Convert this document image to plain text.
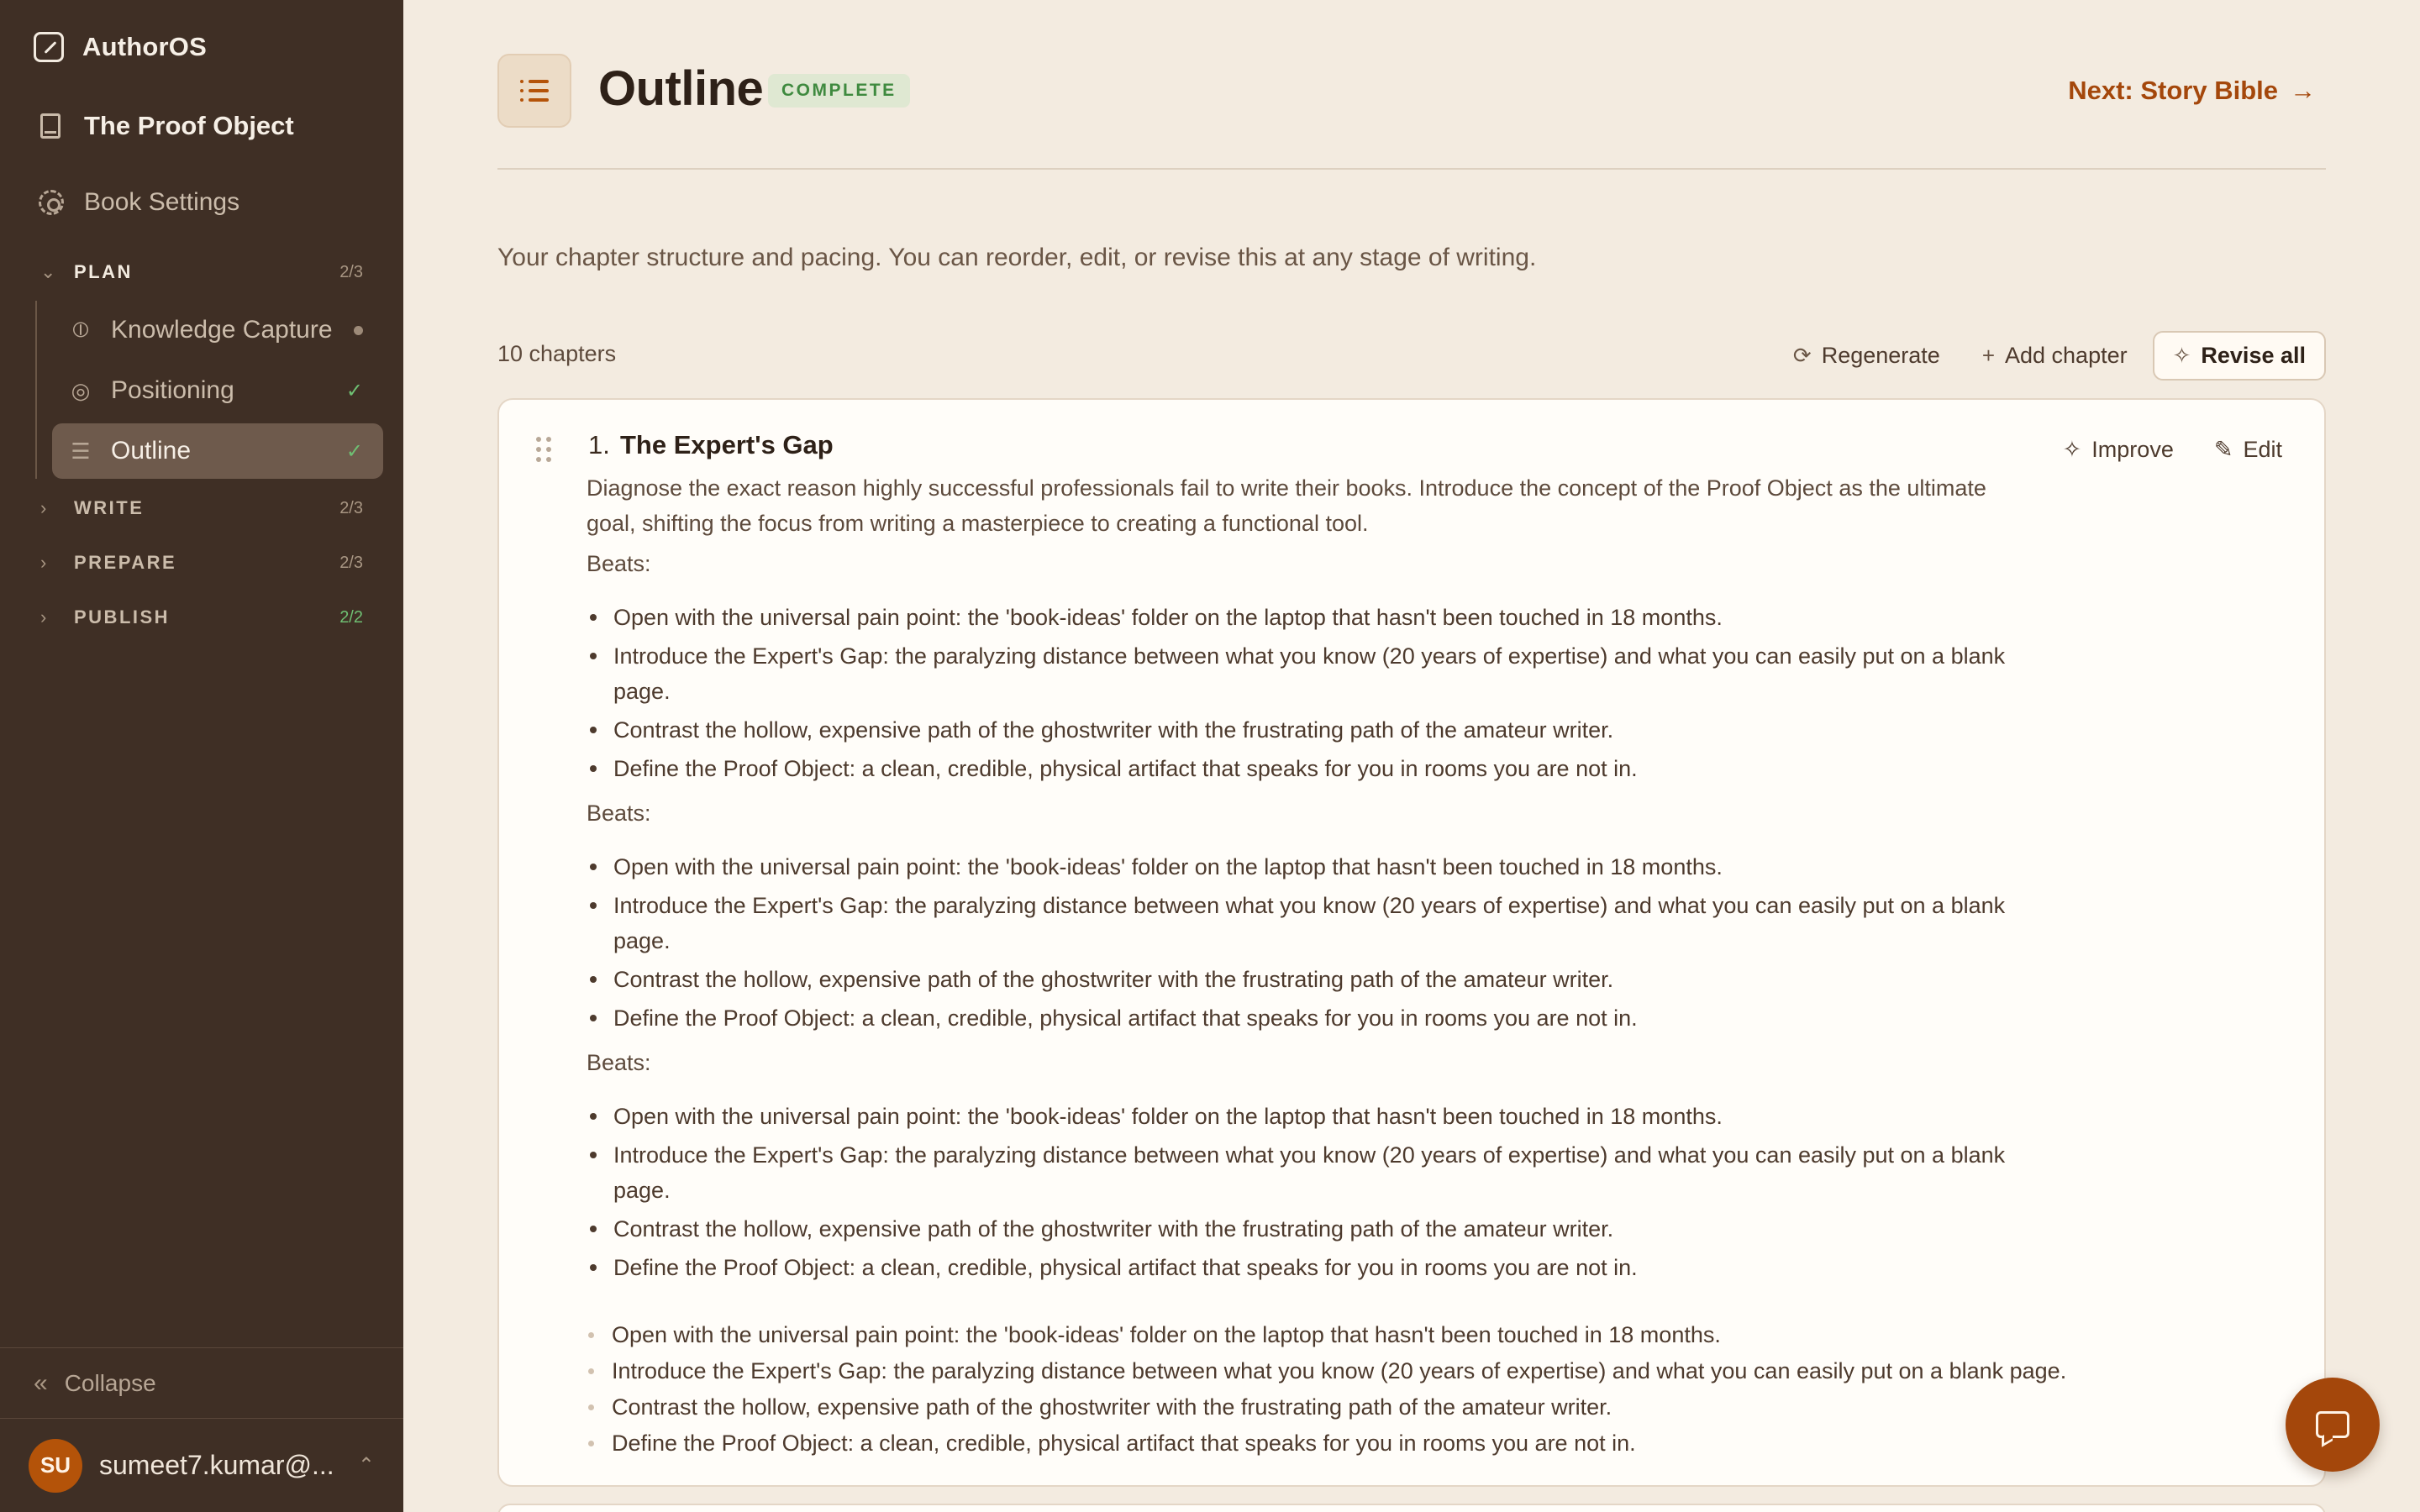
AuthorOS
The Proof Object
Book Settings
⌄ PLAN	2/3
⦶ Knowledge Capture
◎ Positioning	✓
☰ Outline	✓
›	WRITE	2/3
›	PREPARE	2/3
›	PUBLISH	2/2
« Collapse
SU	sumeet7.kumar@...	⌃
Outline	COMPLETE	Next: Story Bible →

Your chapter structure and pacing. You can reorder, edit, or revise this at any stage of writing.

10 chapters	⟳ Regenerate + Add chapter ✧ Revise all
1. The Expert's Gap	✧ Improve ✎ Edit

Diagnose the exact reason highly successful professionals fail to write their books. Introduce the concept of the Proof Object as the ultimate goal, shifting the focus from writing a masterpiece to creating a functional tool.

Beats:
Open with the universal pain point: the 'book-ideas' folder on the laptop that hasn't been touched in 18 months.
Introduce the Expert's Gap: the paralyzing distance between what you know (20 years of expertise) and what you can easily put on a blank page.
Contrast the hollow, expensive path of the ghostwriter with the frustrating path of the amateur writer.
Define the Proof Object: a clean, credible, physical artifact that speaks for you in rooms you are not in.
Beats:
Open with the universal pain point: the 'book-ideas' folder on the laptop that hasn't been touched in 18 months.
Introduce the Expert's Gap: the paralyzing distance between what you know (20 years of expertise) and what you can easily put on a blank page.
Contrast the hollow, expensive path of the ghostwriter with the frustrating path of the amateur writer.
Define the Proof Object: a clean, credible, physical artifact that speaks for you in rooms you are not in.
Beats:
Open with the universal pain point: the 'book-ideas' folder on the laptop that hasn't been touched in 18 months.
Introduce the Expert's Gap: the paralyzing distance between what you know (20 years of expertise) and what you can easily put on a blank page.
Contrast the hollow, expensive path of the ghostwriter with the frustrating path of the amateur writer.
Define the Proof Object: a clean, credible, physical artifact that speaks for you in rooms you are not in.
Open with the universal pain point: the 'book-ideas' folder on the laptop that hasn't been touched in 18 months.
Introduce the Expert's Gap: the paralyzing distance between what you know (20 years of expertise) and what you can easily put on a blank page.
Contrast the hollow, expensive path of the ghostwriter with the frustrating path of the amateur writer.
Define the Proof Object: a clean, credible, physical artifact that speaks for you in rooms you are not in.
